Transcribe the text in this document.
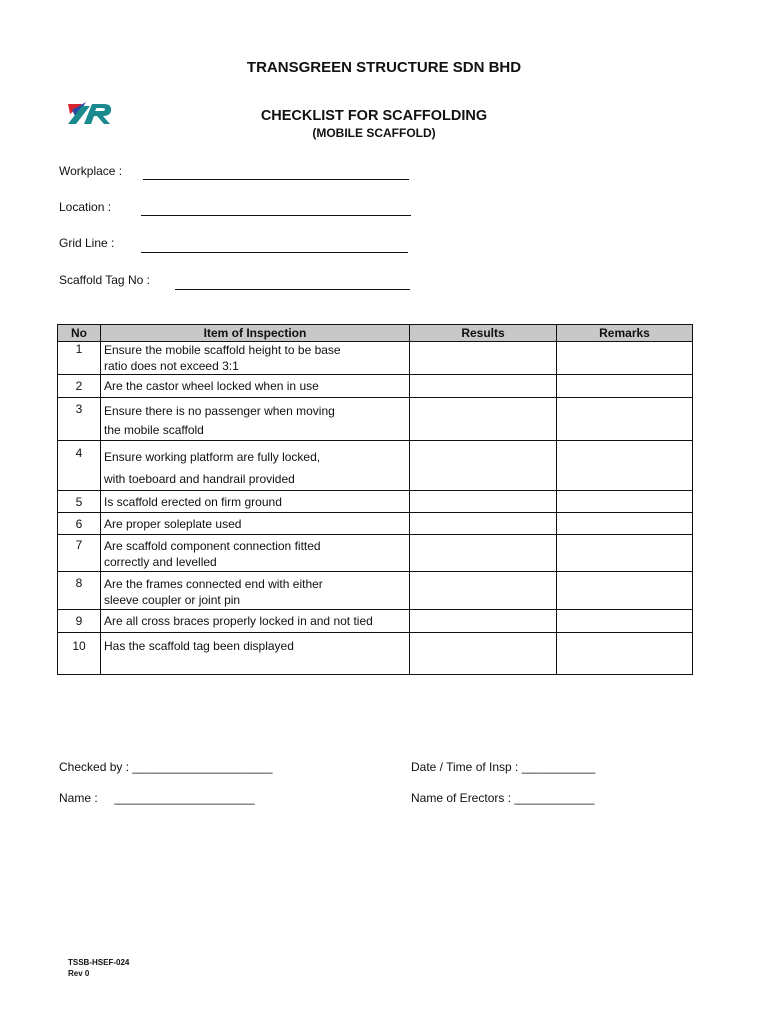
TRANSGREEN STRUCTURE SDN BHD
CHECKLIST FOR SCAFFOLDING
(MOBILE SCAFFOLD)
Workplace :
Location :
Grid Line :
Scaffold Tag No :
No	Item of Inspection	Results	Remarks
1	Ensure the mobile scaffold height to be base
ratio does not exceed 3:1		

2	Are the castor wheel locked when in use		

3	Ensure there is no passenger when moving
the mobile scaffold		

4	Ensure working platform are fully locked,
with toeboard and handrail provided		

5	Is scaffold erected on firm ground		

6	Are proper soleplate used		

7	Are scaffold component connection fitted
correctly and levelled		

8	Are the frames connected end with either
sleeve coupler or joint pin		

9	Are all cross braces properly locked in and not tied		

10	Has the scaffold tag been displayed		

Checked by : _____________________	Date / Time of Insp : ___________
Name :     _____________________	Name of Erectors : ____________
TSSB-HSEF-024
Rev 0
